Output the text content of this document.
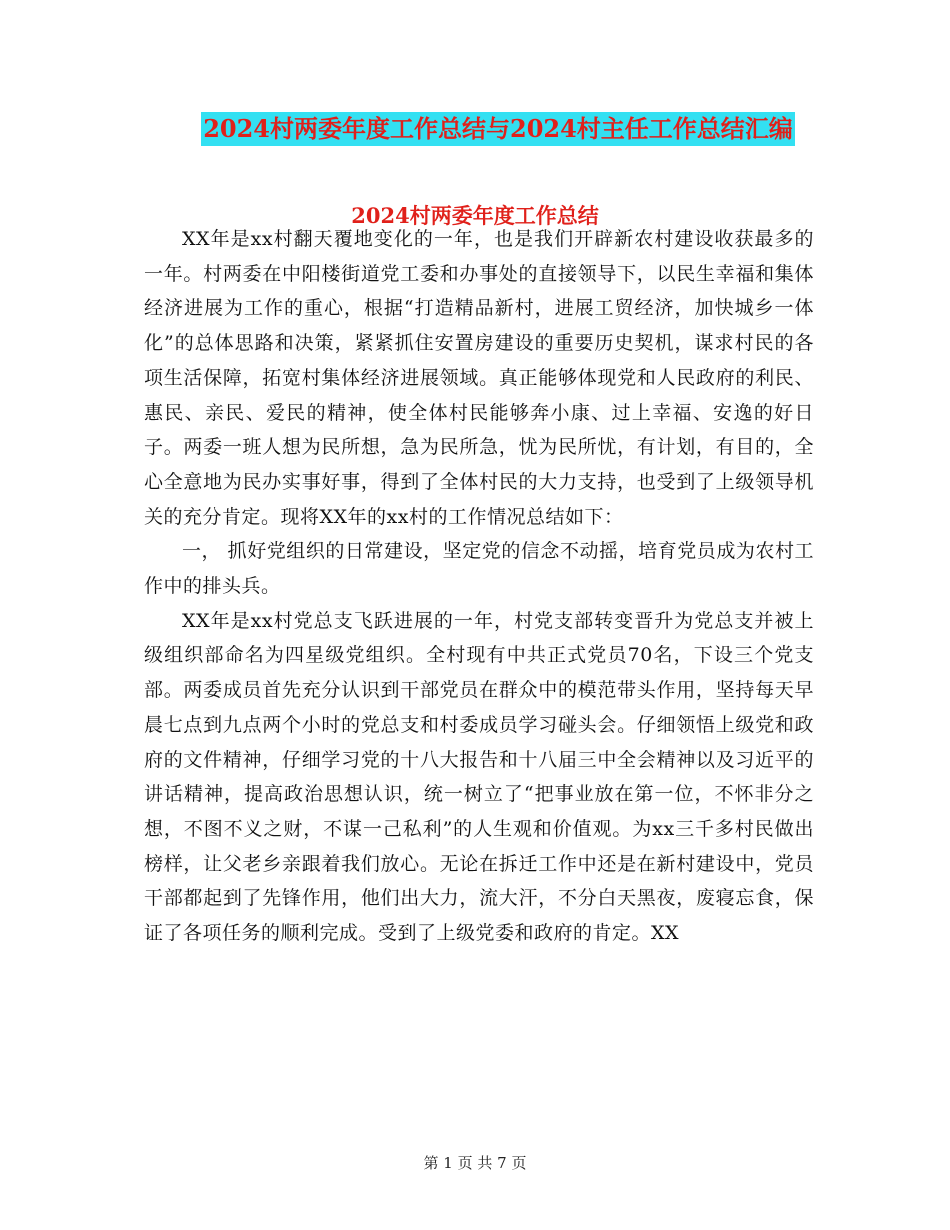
2024村两委年度工作总结与2024村主任工作总结汇编
2024村两委年度工作总结

XX年是xx村翻天覆地变化的一年，也是我们开辟新农村建设收获最多的一年。村两委在中阳楼街道党工委和办事处的直接领导下，以民生幸福和集体经济进展为工作的重心，根据“打造精品新村，进展工贸经济，加快城乡一体化”的总体思路和决策，紧紧抓住安置房建设的重要历史契机，谋求村民的各项生活保障，拓宽村集体经济进展领域。真正能够体现党和人民政府的利民、惠民、亲民、爱民的精神，使全体村民能够奔小康、过上幸福、安逸的好日子。两委一班人想为民所想，急为民所急，忧为民所忧，有计划，有目的，全心全意地为民办实事好事，得到了全体村民的大力支持，也受到了上级领导机关的充分肯定。现将XX年的xx村的工作情况总结如下：

一， 抓好党组织的日常建设，坚定党的信念不动摇，培育党员成为农村工作中的排头兵。

XX年是xx村党总支飞跃进展的一年，村党支部转变晋升为党总支并被上级组织部命名为四星级党组织。全村现有中共正式党员70名，下设三个党支部。两委成员首先充分认识到干部党员在群众中的模范带头作用，坚持每天早晨七点到九点两个小时的党总支和村委成员学习碰头会。仔细领悟上级党和政府的文件精神，仔细学习党的十八大报告和十八届三中全会精神以及习近平的讲话精神，提高政治思想认识，统一树立了“把事业放在第一位，不怀非分之想，不图不义之财，不谋一己私利”的人生观和价值观。为xx三千多村民做出榜样，让父老乡亲跟着我们放心。无论在拆迁工作中还是在新村建设中，党员干部都起到了先锋作用，他们出大力，流大汗，不分白天黑夜，废寝忘食，保证了各项任务的顺利完成。受到了上级党委和政府的肯定。XX

第 1 页 共 7 页
